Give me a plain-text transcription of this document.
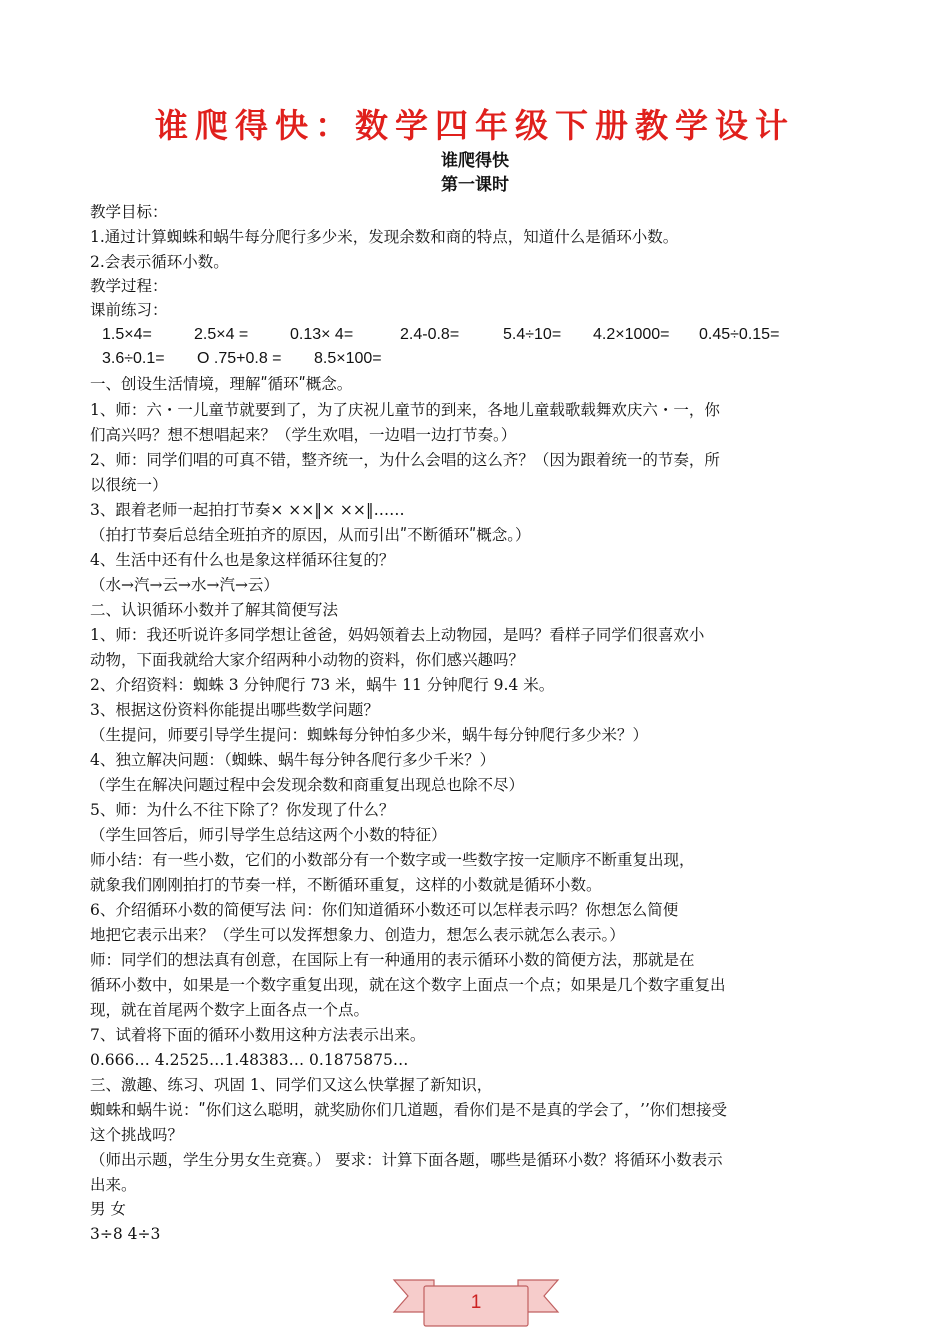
谁爬得快：数学四年级下册教学设计
谁爬得快
第一课时
教学目标：
1.通过计算蜘蛛和蜗牛每分爬行多少米，发现余数和商的特点，知道什么是循环小数。
2.会表示循环小数。
教学过程：
课前练习：
1.5×4=	2.5×4 =	0.13× 4=	2.4-0.8=	5.4÷10= 4.2×1000= 0.45÷0.15=
3.6÷0.1= O .75+0.8 = 8.5×100=
一、创设生活情境，理解ʺ循环ʺ概念。
1、师：六・一儿童节就要到了，为了庆祝儿童节的到来，各地儿童载歌载舞欢庆六・一，你
们高兴吗？想不想唱起来？（学生欢唱，一边唱一边打节奏。）
2、师：同学们唱的可真不错，整齐统一，为什么会唱的这么齐？（因为跟着统一的节奏，所
以很统一）
3、跟着老师一起拍打节奏× ××‖× ××‖……
（拍打节奏后总结全班拍齐的原因，从而引出ʺ不断循环ʺ概念。）
4、生活中还有什么也是象这样循环往复的？
（水→汽→云→水→汽→云）
二、认识循环小数并了解其简便写法
1、师：我还听说许多同学想让爸爸，妈妈领着去上动物园，是吗？看样子同学们很喜欢小
动物，下面我就给大家介绍两种小动物的资料，你们感兴趣吗？
2、介绍资料：蜘蛛 3 分钟爬行 73 米，蜗牛 11 分钟爬行 9.4 米。
3、根据这份资料你能提出哪些数学问题？
（生提问，师要引导学生提问：蜘蛛每分钟怕多少米，蜗牛每分钟爬行多少米？）
4、独立解决问题：（蜘蛛、蜗牛每分钟各爬行多少千米？）
（学生在解决问题过程中会发现余数和商重复出现总也除不尽）
5、师：为什么不往下除了？你发现了什么？
（学生回答后，师引导学生总结这两个小数的特征）
师小结：有一些小数，它们的小数部分有一个数字或一些数字按一定顺序不断重复出现，
就象我们刚刚拍打的节奏一样，不断循环重复，这样的小数就是循环小数。
6、介绍循环小数的简便写法 问：你们知道循环小数还可以怎样表示吗？你想怎么简便
地把它表示出来？（学生可以发挥想象力、创造力，想怎么表示就怎么表示。）
师：同学们的想法真有创意，在国际上有一种通用的表示循环小数的简便方法，那就是在
循环小数中，如果是一个数字重复出现，就在这个数字上面点一个点；如果是几个数字重复出
现，就在首尾两个数字上面各点一个点。
7、试着将下面的循环小数用这种方法表示出来。
0.666… 4.2525…1.48383… 0.1875875…
三、激趣、练习、巩固 1、同学们又这么快掌握了新知识，
蜘蛛和蜗牛说：ʺ你们这么聪明，就奖励你们几道题，看你们是不是真的学会了，ʼʼ你们想接受
这个挑战吗？
（师出示题，学生分男女生竞赛。） 要求：计算下面各题，哪些是循环小数？将循环小数表示
出来。
男 女
3÷8 4÷3
1
